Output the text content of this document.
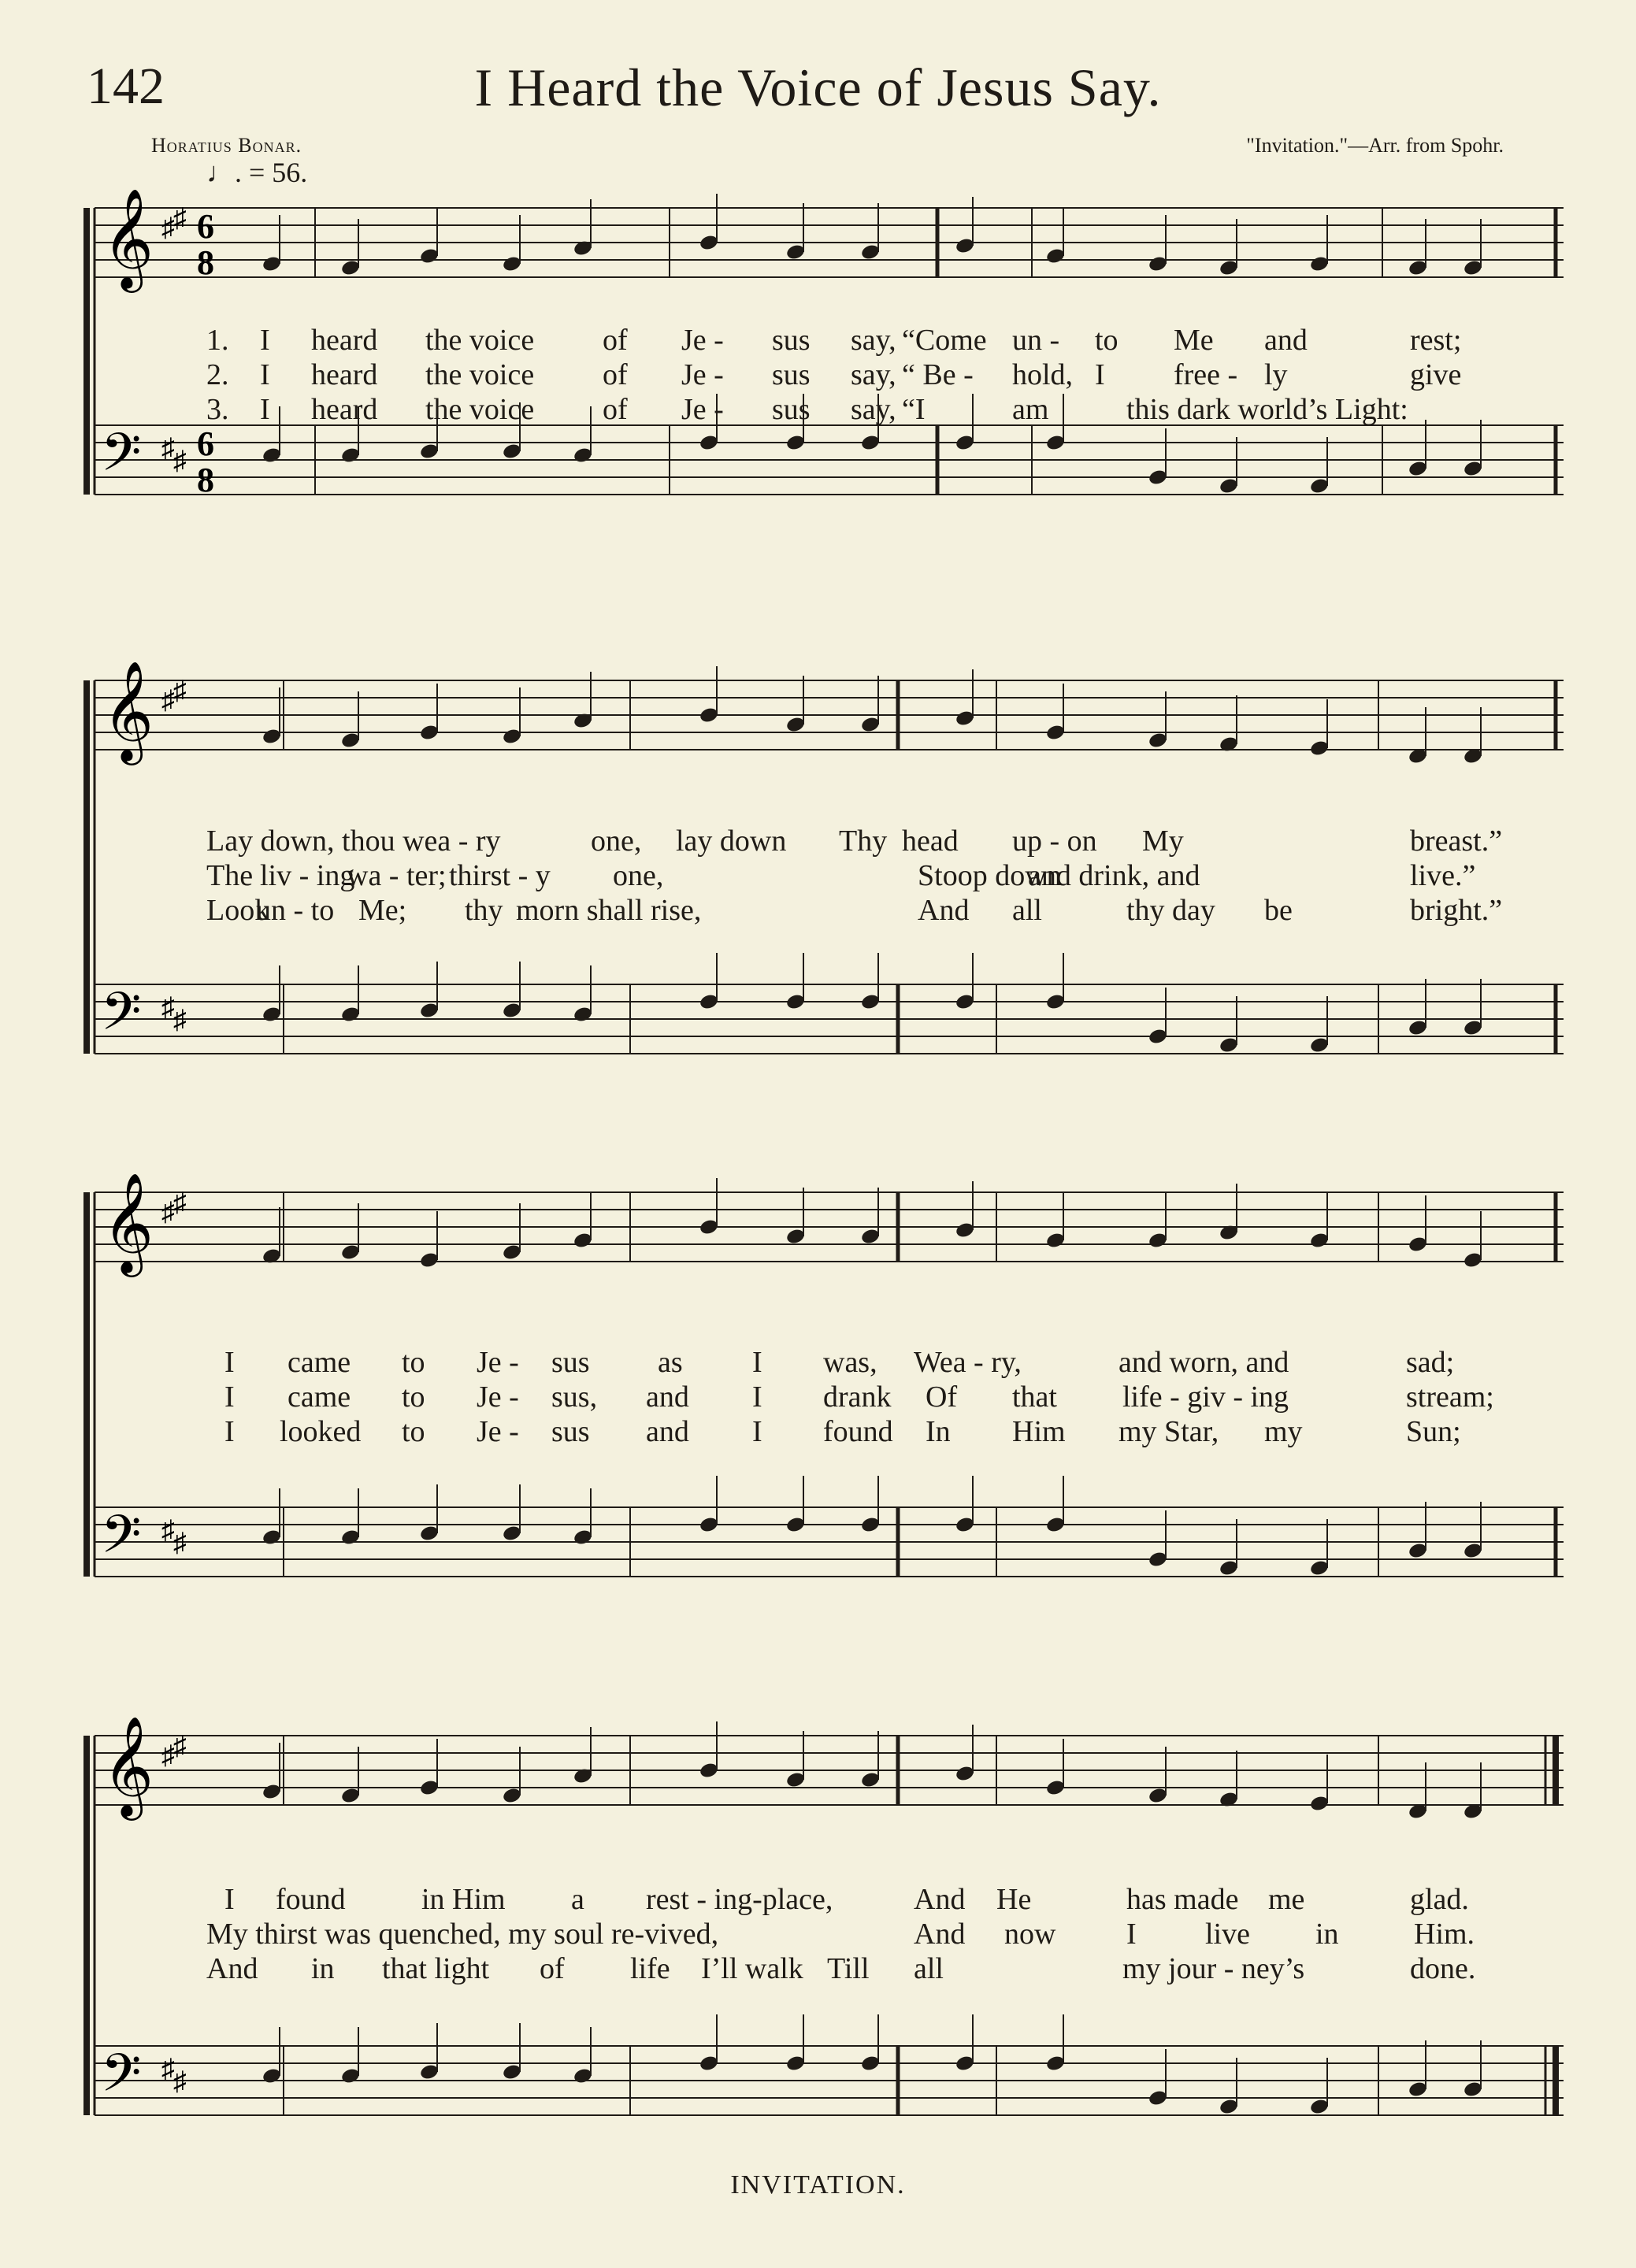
142	I Heard the Voice of Jesus Say.
Horatius Bonar.	"Invitation."—Arr. from Spohr.
♩. = 56.
𝄞
𝄢
♯
♯
♯
♯
6
8
6
8
1. I heard the voice of Je - sus say, “Come un - to Me and	rest;
2. I heard the voice of Je - sus say, “ Be - hold, I free - ly	give
3. I heard the voice of Je - sus say, “I	am	this dark world’s Light:
𝄞
𝄢
♯
♯
♯
♯
Lay down, thou wea - ry	one, lay down Thy head up - on My	breast.”
The liv - ing
wa - ter; thirst - y one,	Stoop down
and drink, and	live.”
Look
un - to Me; thy morn shall rise,	And all	thy day be	bright.”
𝄞
𝄢
♯
♯
♯
♯
I came to Je - sus as I was, Wea - ry,	and worn, and	sad;
I came to Je - sus, and I drank Of that life - giv - ing	stream;
I looked to Je - sus and I found In Him my Star, my	Sun;
𝄞
𝄢
♯
♯
♯
♯
I found	in Him a rest - ing-place,	And He	has made me	glad.
My thirst was quenched, my soul re-vived,	And now I live in	Him.
And in that light of life I’ll walk Till all	my jour - ney’s	done.
INVITATION.
